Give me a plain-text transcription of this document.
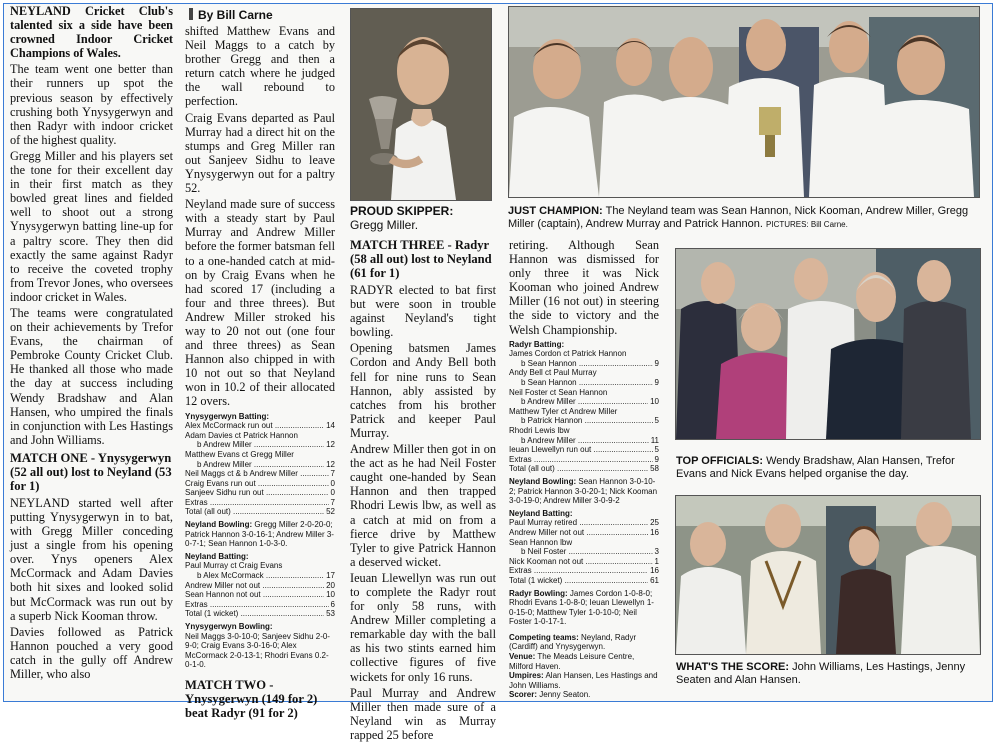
NEYLAND Cricket Club's talented six a side have been crowned Indoor Cricket Champions of Wales.

The team went one better than their runners up spot the previous season by effectively crushing both Ynysygerwyn and then Radyr with indoor cricket of the highest quality.

Gregg Miller and his players set the tone for their excellent day in their first match as they bowled great lines and fielded well to shoot out a strong Ynysygerwyn batting line-up for a paltry score. They then did exactly the same against Radyr to receive the coveted trophy from Trevor Jones, who oversees indoor cricket in Wales.

The teams were congratulated on their achievements by Trefor Evans, the chairman of Pembroke County Cricket Club. He thanked all those who made the day at success including Wendy Bradshaw and Alan Hansen, who umpired the finals in conjunction with Les Hastings and John Williams.

MATCH ONE - Ynysygerwyn (52 all out) lost to Neyland (53 for 1)

NEYLAND started well after putting Ynysygerwyn in to bat, with Gregg Miller conceding just a single from his opening over. Ynys openers Alex McCormack and Adam Davies both hit sixes and looked solid but McCormack was run out by a superb Nick Kooman throw.

Davies followed as Patrick Hannon pouched a very good catch in the gully off Andrew Miller, who also

By Bill Carne

shifted Matthew Evans and Neil Maggs to a catch by brother Gregg and then a return catch where he judged the wall rebound to perfection.

Craig Evans departed as Paul Murray had a direct hit on the stumps and Greg Miller ran out Sanjeev Sidhu to leave Ynysygerwyn out for a paltry 52.

Neyland made sure of success with a steady start by Paul Murray and Andrew Miller before the former batsman fell to a one-handed catch at mid-on by Craig Evans when he had scored 17 (including a four and three threes). But Andrew Miller stroked his way to 20 not out (one four and three threes) as Sean Hannon also chipped in with 10 not out so that Neyland won in 10.2 of their allocated 12 overs.

Ynysygerwyn Batting:
Alex McCormack run out .....	14
Adam Davies ct Patrick Hannon
b Andrew Miller .....	12
Matthew Evans ct Gregg Miller
b Andrew Miller .....	12
Neil Maggs ct & b Andrew Miller .....	7
Craig Evans run out .....	0
Sanjeev Sidhu run out .....	0
Extras .....	7
Total (all out) .....	52
Neyland Bowling: Gregg Miller 2-0-20-0; Patrick Hannon 3-0-16-1; Andrew Miller 3-0-7-1; Sean Hannon 1-0-3-0.
Neyland Batting:
Paul Murray ct Craig Evans
b Alex McCormack .....	17
Andrew Miller not out .....	20
Sean Hannon not out .....	10
Extras .....	6
Total (1 wicket) .....	53
Ynysygerwyn Bowling:
Neil Maggs 3-0-10-0; Sanjeev Sidhu 2-0-9-0; Craig Evans 3-0-16-0; Alex McCormack 2-0-13-1; Rhodri Evans 0.2-0-1-0.
MATCH TWO - Ynysygerwyn (149 for 2) beat Radyr (91 for 2)
PROUD SKIPPER:
Gregg Miller.
MATCH THREE - Radyr (58 all out) lost to Neyland (61 for 1)

RADYR elected to bat first but were soon in trouble against Neyland's tight bowling.

Opening batsmen James Cordon and Andy Bell both fell for nine runs to Sean Hannon, ably assisted by catches from his brother Patrick and keeper Paul Murray.

Andrew Miller then got in on the act as he had Neil Foster caught one-handed by Sean Hannon and then trapped Rhodri Lewis lbw, as well as a catch at mid on from a fierce drive by Matthew Tyler to give Patrick Hannon a deserved wicket.

Ieuan Llewellyn was run out to complete the Radyr rout for only 58 runs, with Andrew Miller completing a remarkable day with the ball as his two stints earned him collective figures of five wickets for only 16 runs.

Paul Murray and Andrew Miller then made sure of a Neyland win as Murray rapped 25 before

JUST CHAMPION: The Neyland team was Sean Hannon, Nick Kooman, Andrew Miller, Gregg Miller (captain), Andrew Murray and Patrick Hannon. PICTURES: Bill Carne.

retiring. Although Sean Hannon was dismissed for only three it was Nick Kooman who joined Andrew Miller (16 not out) in steering the side to victory and the Welsh Championship.

Radyr Batting:
James Cordon ct Patrick Hannon
b Sean Hannon .....	9
Andy Bell ct Paul Murray
b Sean Hannon .....	9
Neil Foster ct Sean Hannon
b Andrew Miller .....	10
Matthew Tyler ct Andrew Miller
b Patrick Hannon .....	5
Rhodri Lewis lbw
b Andrew Miller .....	11
Ieuan Llewellyn run out .....	5
Extras .....	9
Total (all out) .....	58
Neyland Bowling: Sean Hannon 3-0-10-2; Patrick Hannon 3-0-20-1; Nick Kooman 3-0-19-0; Andrew Miller 3-0-9-2
Neyland Batting:
Paul Murray retired .....	25
Andrew Miller not out .....	16
Sean Hannon lbw
b Neil Foster .....	3
Nick Kooman not out .....	1
Extras .....	16
Total (1 wicket) .....	61
Radyr Bowling: James Cordon 1-0-8-0; Rhodri Evans 1-0-8-0; Ieuan Llewellyn 1-0-15-0; Matthew Tyler 1-0-10-0; Neil Foster 1-0-17-1.
Competing teams: Neyland, Radyr (Cardiff) and Ynysygerwyn.
Venue: The Meads Leisure Centre, Milford Haven.
Umpires: Alan Hansen, Les Hastings and John Williams.
Scorer: Jenny Seaton.
TOP OFFICIALS: Wendy Bradshaw, Alan Hansen, Trefor Evans and Nick Evans helped organise the day.
WHAT'S THE SCORE: John Williams, Les Hastings, Jenny Seaten and Alan Hansen.
